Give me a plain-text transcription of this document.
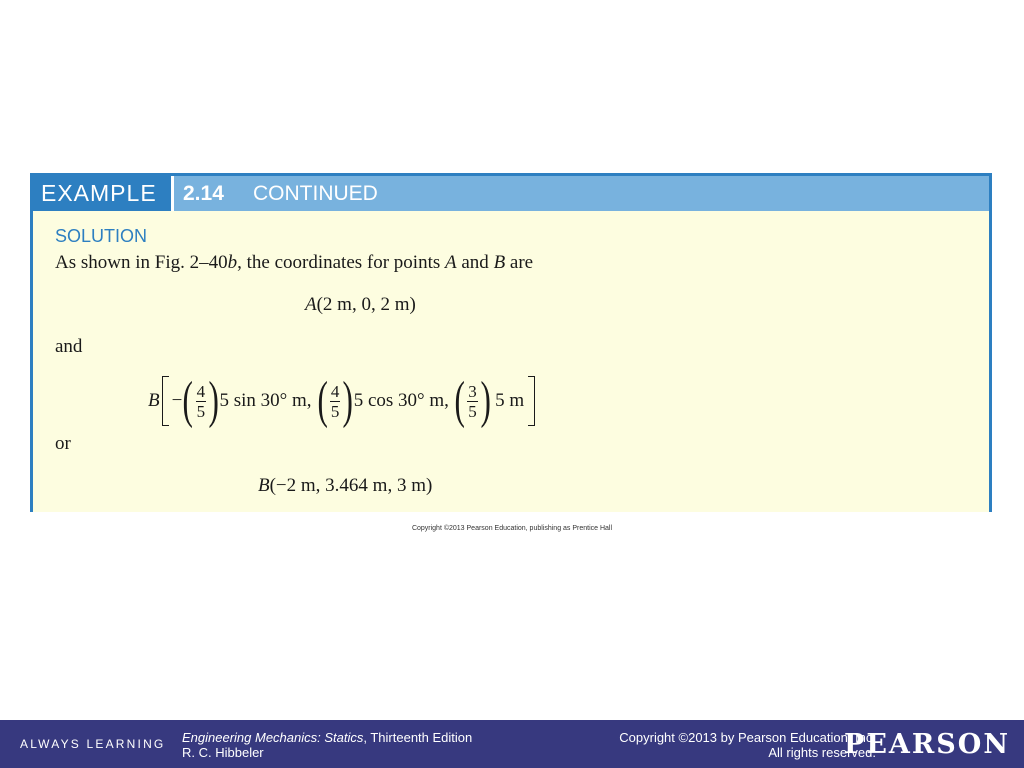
EXAMPLE	2.14 CONTINUED
SOLUTION
As shown in Fig. 2–40b, the coordinates for points A and B are
A(2 m, 0, 2 m)
and
B − ( $\frac{4}{5}$ ) 5 sin 30° m, ( $\frac{4}{5}$ ) 5 cos 30° m, ( $\frac{3}{5}$ ) 5 m
or
B(−2 m, 3.464 m, 3 m)
Copyright ©2013 Pearson Education, publishing as Prentice Hall
ALWAYS LEARNING Engineering Mechanics: Statics, Thirteenth Edition
R. C. Hibbeler
Copyright ©2013 by Pearson Education, Inc.
All rights reserved.
PEARSON
